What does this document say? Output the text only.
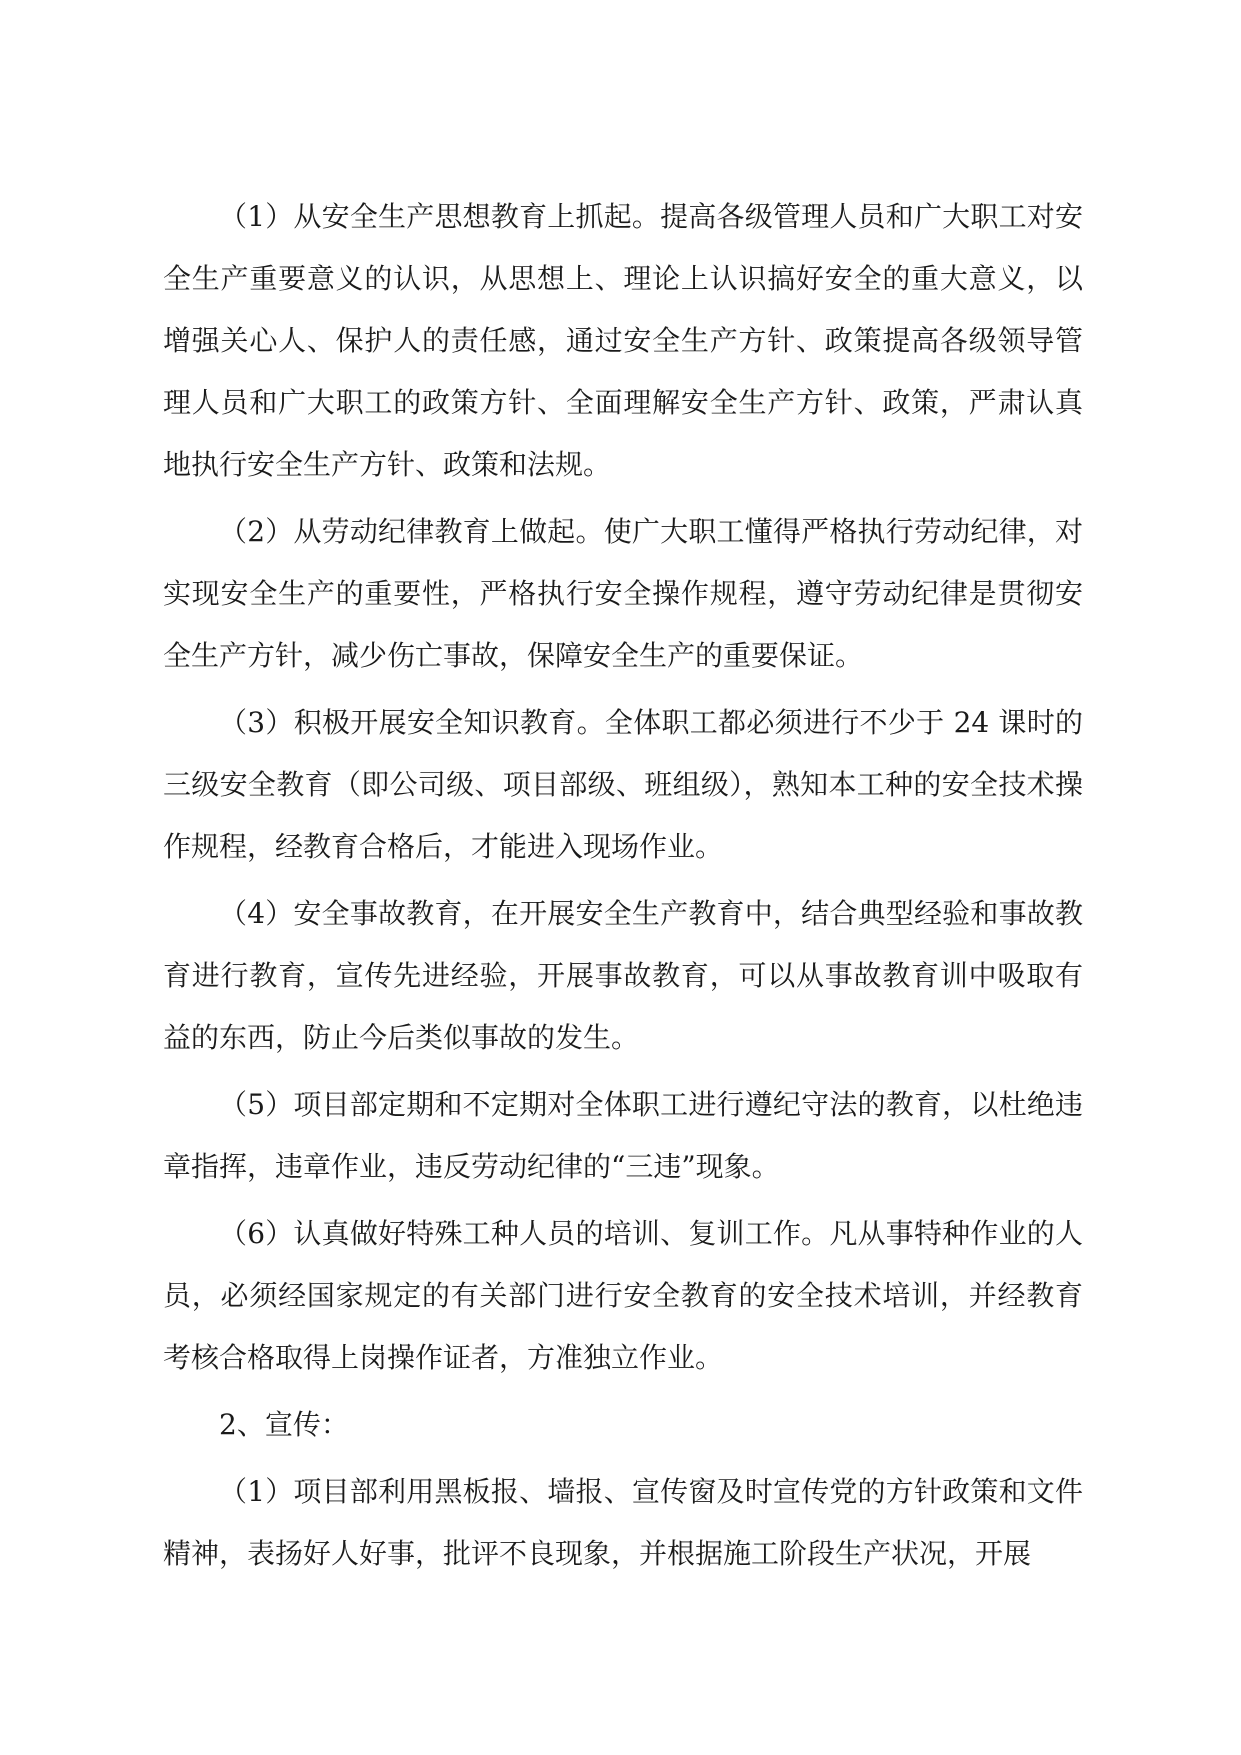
（1）从安全生产思想教育上抓起。提高各级管理人员和广大职工对安全生产重要意义的认识，从思想上、理论上认识搞好安全的重大意义，以增强关心人、保护人的责任感，通过安全生产方针、政策提高各级领导管理人员和广大职工的政策方针、全面理解安全生产方针、政策，严肃认真地执行安全生产方针、政策和法规。

（2）从劳动纪律教育上做起。使广大职工懂得严格执行劳动纪律，对实现安全生产的重要性，严格执行安全操作规程，遵守劳动纪律是贯彻安全生产方针，减少伤亡事故，保障安全生产的重要保证。

（3）积极开展安全知识教育。全体职工都必须进行不少于 24 课时的三级安全教育（即公司级、项目部级、班组级），熟知本工种的安全技术操作规程，经教育合格后，才能进入现场作业。

（4）安全事故教育，在开展安全生产教育中，结合典型经验和事故教育进行教育，宣传先进经验，开展事故教育，可以从事故教育训中吸取有益的东西，防止今后类似事故的发生。

（5）项目部定期和不定期对全体职工进行遵纪守法的教育，以杜绝违章指挥，违章作业，违反劳动纪律的“三违”现象。

（6）认真做好特殊工种人员的培训、复训工作。凡从事特种作业的人员，必须经国家规定的有关部门进行安全教育的安全技术培训，并经教育考核合格取得上岗操作证者，方准独立作业。

2、宣传：

（1）项目部利用黑板报、墙报、宣传窗及时宣传党的方针政策和文件精神，表扬好人好事，批评不良现象，并根据施工阶段生产状况，开展
